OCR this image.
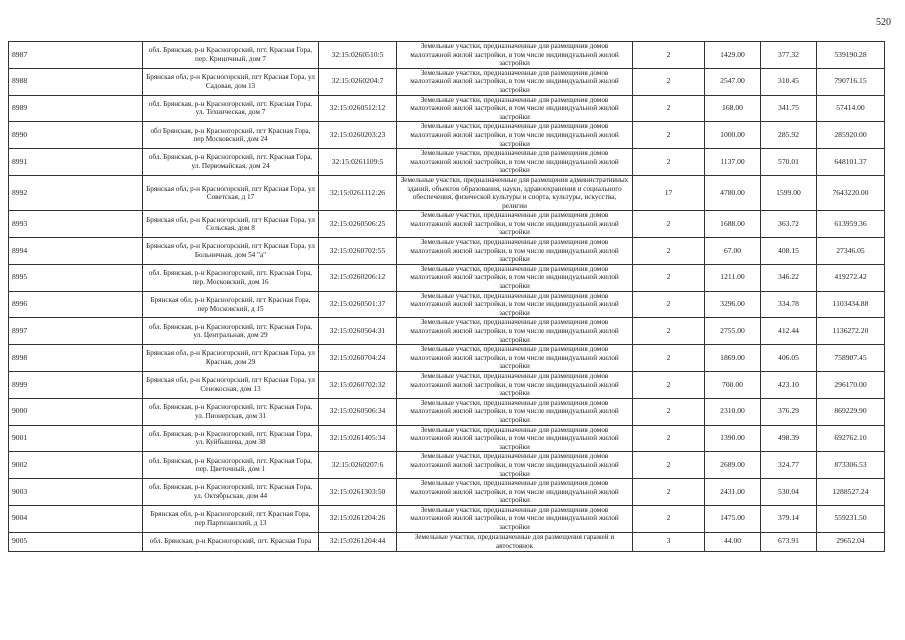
520
8987	обл. Брянская, р-н Красногорский, пгт. Красная Гора, пер. Кринпчный, дом 7	32:15:0260510:5	Земельные участки, предназначенные для размещения домов малоэтажной жилой застройки, в том числе индивидуальной жилой застройки	2	1429.00	377.32	539190.28
8988	Брянская обл, р-н Красногорский, пгт Красная Гора, ул Садовая, дом 13	32:15:0260204:7	Земельные участки, предназначенные для размещения домов малоэтажной жилой застройки, в том числе индивидуальной жилой застройки	2	2547.00	310.45	790716.15
8989	обл. Брянская, р-н Красногорский, пгт. Красная Гора, ул. Техническая, дом 7	32:15:0260512:12	Земельные участки, предназначенные для размещения домов малоэтажной жилой застройки, в том числе индивидуальной жилой застройки	2	168.00	341.75	57414.00
8990	обл Брянская, р-н Красногорский, пгт Красная Гора, пер Московский, дом 24	32:15:0260203:23	Земельные участки, предназначенные для размещения домов малоэтажной жилой застройки, в том числе индивидуальной жилой застройки	2	1000.00	285.92	285920.00
8991	обл. Брянская, р-н Красногорский, пгт. Красная Гора, ул. Первомайская, дом 24	32:15:0261109:5	Земельные участки, предназначенные для размещения домов малоэтажной жилой застройки, в том числе индивидуальной жилой застройки	2	1137.00	570.01	648101.37
8992	Брянская обл, р-н Красногорский, пгт Красная Гора, ул Советская, д 17	32:15:0261112:26	Земельные участки, предназначенные для размещения административных зданий, объектов образования, науки, здравоохранения и социального обеспечения, физической культуры и спорта, культуры, искусства, религии	17	4780.00	1599.00	7643220.00
8993	Брянская обл, р-н Красногорский, пгт Красная Гора, ул Сельская, дом 8	32:15:0260506:25	Земельные участки, предназначенные для размещения домов малоэтажной жилой застройки, в том числе индивидуальной жилой застройки	2	1688.00	363.72	613959.36
8994	Брянская обл, р-н Красногорский, пгт Красная Гора, ул Больничная, дом 54 "а"	32:15:0260702:55	Земельные участки, предназначенные для размещения домов малоэтажной жилой застройки, в том числе индивидуальной жилой застройки	2	67.00	408.15	27346.05
8995	обл. Брянская, р-н Красногорский, пгт. Красная Гора, пер. Московский, дом 16	32:15:0260206:12	Земельные участки, предназначенные для размещения домов малоэтажной жилой застройки, в том числе индивидуальной жилой застройки	2	1211.00	346.22	419272.42
8996	Брянская обл, р-н Красногорский, пгт Красная Гора, пер Московский, д 15	32:15:0260501:37	Земельные участки, предназначенные для размещения домов малоэтажной жилой застройки, в том числе индивидуальной жилой застройки	2	3296.00	334.78	1103434.88
8997	обл. Брянская, р-н Красногорский, пгт. Красная Гора, ул. Центральная, дом 29	32:15:0260504:31	Земельные участки, предназначенные для размещения домов малоэтажной жилой застройки, в том числе индивидуальной жилой застройки	2	2755.00	412.44	1136272.20
8998	Брянская обл, р-н Красногорский, пгт Красная Гора, ул Красная, дом 29	32:15:0260704:24	Земельные участки, предназначенные для размещения домов малоэтажной жилой застройки, в том числе индивидуальной жилой застройки	2	1869.00	406.05	758907.45
8999	Брянская обл, р-н Красногорский, пгт Красная Гора, ул Сенокосная, дом 13	32:15:0260702:32	Земельные участки, предназначенные для размещения домов малоэтажной жилой застройки, в том числе индивидуальной жилой застройки	2	700.00	423.10	296170.00
9000	обл. Брянская, р-н Красногорский, пгт. Красная Гора, ул. Пионерская, дом 31	32:15:0260506:34	Земельные участки, предназначенные для размещения домов малоэтажной жилой застройки, в том числе индивидуальной жилой застройки	2	2310.00	376.29	869229.90
9001	обл. Брянская, р-н Красногорский, пгт. Красная Гора, ул. Куйбышева, дом 38	32:15:0261405:34	Земельные участки, предназначенные для размещения домов малоэтажной жилой застройки, в том числе индивидуальной жилой застройки	2	1390.00	498.39	692762.10
9002	обл. Брянская, р-н Красногорский, пгт. Красная Гора, пер. Цветочный, дом 1	32:15:0260207:6	Земельные участки, предназначенные для размещения домов малоэтажной жилой застройки, в том числе индивидуальной жилой застройки	2	2689.00	324.77	873306.53
9003	обл. Брянская, р-н Красногорский, пгт. Красная Гора, ул. Октябрьская, дом 44	32:15:0261303:50	Земельные участки, предназначенные для размещения домов малоэтажной жилой застройки, в том числе индивидуальной жилой застройки	2	2431.00	530.04	1288527.24
9004	Брянская обл, р-н Красногорский, пгт Красная Гора, пер Партизанский, д 13	32:15:0261204:26	Земельные участки, предназначенные для размещения домов малоэтажной жилой застройки, в том числе индивидуальной жилой застройки	2	1475.00	379.14	559231.50
9005	обл. Брянская, р-н Красногорский, пгт. Красная Гора	32:15:0261204:44	Земельные участки, предназначенные для размещения гаражей и автостоянок	3	44.00	673.91	29652.04
